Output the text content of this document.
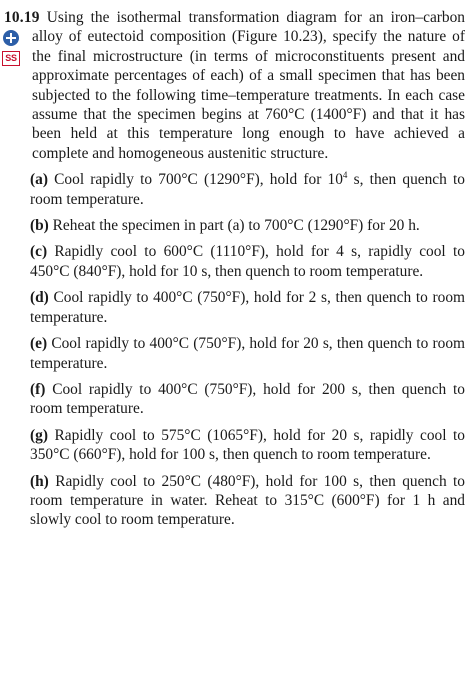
SS

10.19 Using the isothermal transformation diagram for an iron–carbon alloy of eutectoid composition (Figure 10.23), specify the nature of the final microstructure (in terms of microconstituents present and approximate percentages of each) of a small specimen that has been subjected to the following time–temperature treatments. In each case assume that the specimen begins at 760°C (1400°F) and that it has been held at this temperature long enough to have achieved a complete and homogeneous austenitic structure.

(a) Cool rapidly to 700°C (1290°F), hold for $10^4$ s, then quench to room temperature.

(b) Reheat the specimen in part (a) to 700°C (1290°F) for 20 h.

(c) Rapidly cool to 600°C (1110°F), hold for 4 s, rapidly cool to 450°C (840°F), hold for 10 s, then quench to room temperature.

(d) Cool rapidly to 400°C (750°F), hold for 2 s, then quench to room temperature.

(e) Cool rapidly to 400°C (750°F), hold for 20 s, then quench to room temperature.

(f) Cool rapidly to 400°C (750°F), hold for 200 s, then quench to room temperature.

(g) Rapidly cool to 575°C (1065°F), hold for 20 s, rapidly cool to 350°C (660°F), hold for 100 s, then quench to room temperature.

(h) Rapidly cool to 250°C (480°F), hold for 100 s, then quench to room temperature in water. Reheat to 315°C (600°F) for 1 h and slowly cool to room temperature.
